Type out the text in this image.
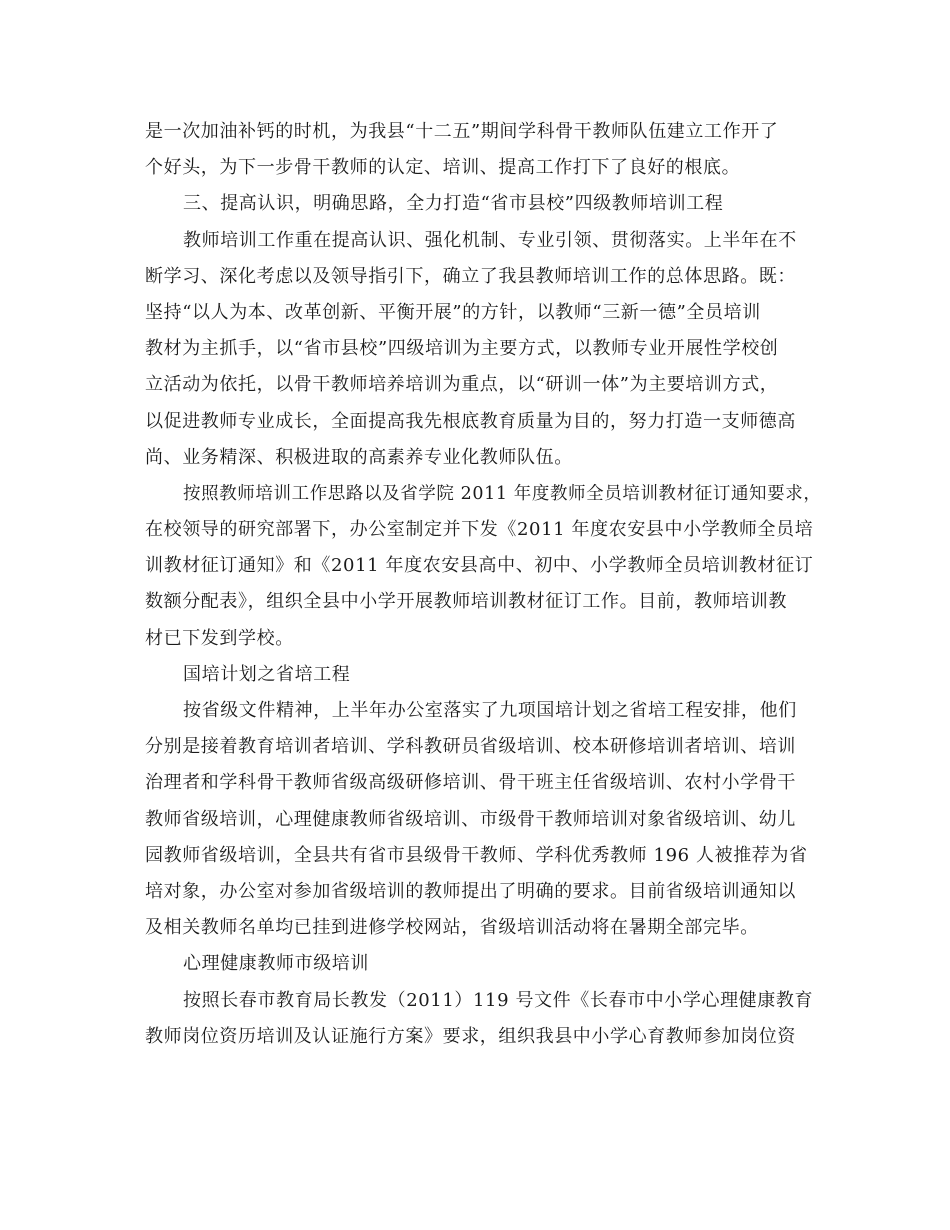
是一次加油补钙的时机，为我县“十二五”期间学科骨干教师队伍建立工作开了
个好头，为下一步骨干教师的认定、培训、提高工作打下了良好的根底。
三、提高认识，明确思路，全力打造“省市县校”四级教师培训工程
教师培训工作重在提高认识、强化机制、专业引领、贯彻落实。上半年在不
断学习、深化考虑以及领导指引下，确立了我县教师培训工作的总体思路。既：
坚持“以人为本、改革创新、平衡开展”的方针，以教师“三新一德”全员培训
教材为主抓手，以“省市县校”四级培训为主要方式，以教师专业开展性学校创
立活动为依托，以骨干教师培养培训为重点，以“研训一体”为主要培训方式，
以促进教师专业成长，全面提高我先根底教育质量为目的，努力打造一支师德高
尚、业务精深、积极进取的高素养专业化教师队伍。
按照教师培训工作思路以及省学院 2011 年度教师全员培训教材征订通知要求，
在校领导的研究部署下，办公室制定并下发《2011 年度农安县中小学教师全员培
训教材征订通知》和《2011 年度农安县高中、初中、小学教师全员培训教材征订
数额分配表》，组织全县中小学开展教师培训教材征订工作。目前，教师培训教
材已下发到学校。
国培计划之省培工程
按省级文件精神，上半年办公室落实了九项国培计划之省培工程安排，他们
分别是接着教育培训者培训、学科教研员省级培训、校本研修培训者培训、培训
治理者和学科骨干教师省级高级研修培训、骨干班主任省级培训、农村小学骨干
教师省级培训，心理健康教师省级培训、市级骨干教师培训对象省级培训、幼儿
园教师省级培训，全县共有省市县级骨干教师、学科优秀教师 196 人被推荐为省
培对象，办公室对参加省级培训的教师提出了明确的要求。目前省级培训通知以
及相关教师名单均已挂到进修学校网站，省级培训活动将在暑期全部完毕。
心理健康教师市级培训
按照长春市教育局长教发（2011）119 号文件《长春市中小学心理健康教育
教师岗位资历培训及认证施行方案》要求，组织我县中小学心育教师参加岗位资
